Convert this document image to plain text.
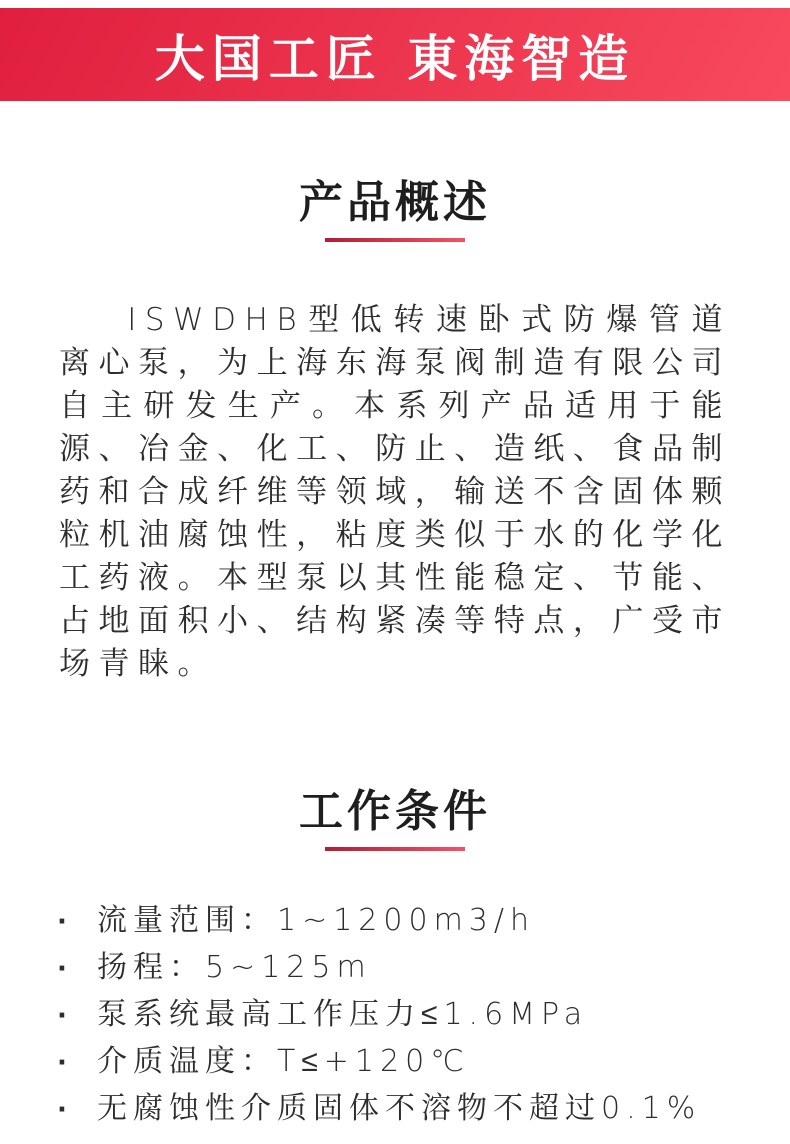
大国工匠 東海智造
产品概述

ISWDHB型低转速卧式防爆管道离心泵，为上海东海泵阀制造有限公司自主研发生产。本系列产品适用于能源、冶金、化工、防止、造纸、食品制药和合成纤维等领域，输送不含固体颗粒机油腐蚀性，粘度类似于水的化学化工药液。本型泵以其性能稳定、节能、占地面积小、结构紧凑等特点，广受市场青睐。

工作条件
· 流量范围：1~1200m3/h
· 扬程：5~125m
· 泵系统最高工作压力≤1.6MPa
· 介质温度：T≤+120℃
· 无腐蚀性介质固体不溶物不超过0.1%
